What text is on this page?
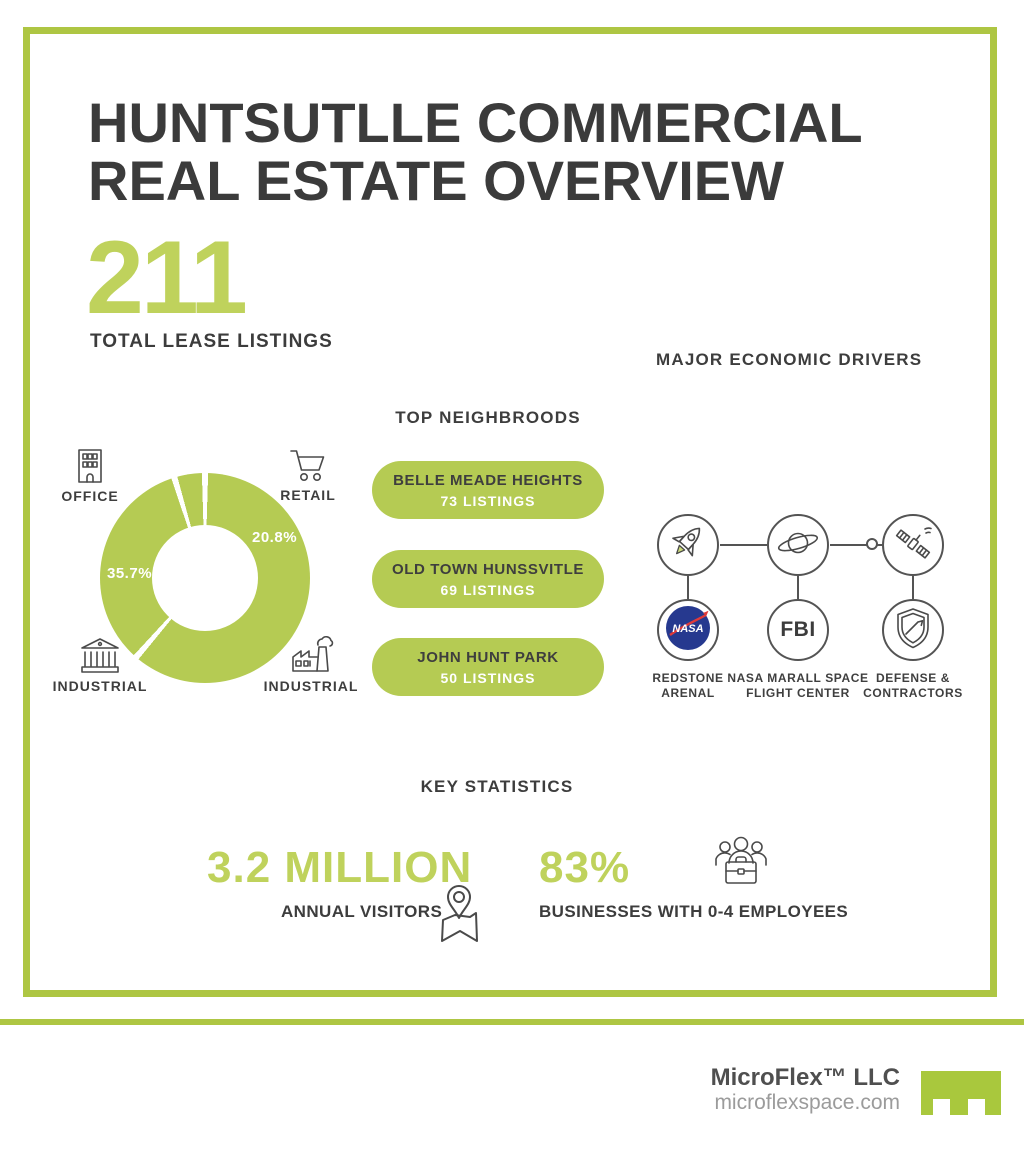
HUNTSUTLLE COMMERCIAL
REAL ESTATE OVERVIEW
211
TOTAL LEASE LISTINGS
MAJOR ECONOMIC DRIVERS
TOP NEIGHBROODS
KEY STATISTICS
20.8%
35.7%
OFFICE	RETAIL
INDUSTRIAL	INDUSTRIAL
BELLE MEADE HEIGHTS
73 LISTINGS
OLD TOWN HUNSSVITLE
69 LISTINGS
JOHN HUNT PARK
50 LISTINGS
NASA	FBI
REDSTONE ARENAL
NASA MARALL SPACE FLIGHT CENTER
DEFENSE & CONTRACTORS
3.2 MILLION
ANNUAL VISITORS
83%
BUSINESSES WITH 0-4 EMPLOYEES
MicroFlex™ LLC
microflexspace.com
